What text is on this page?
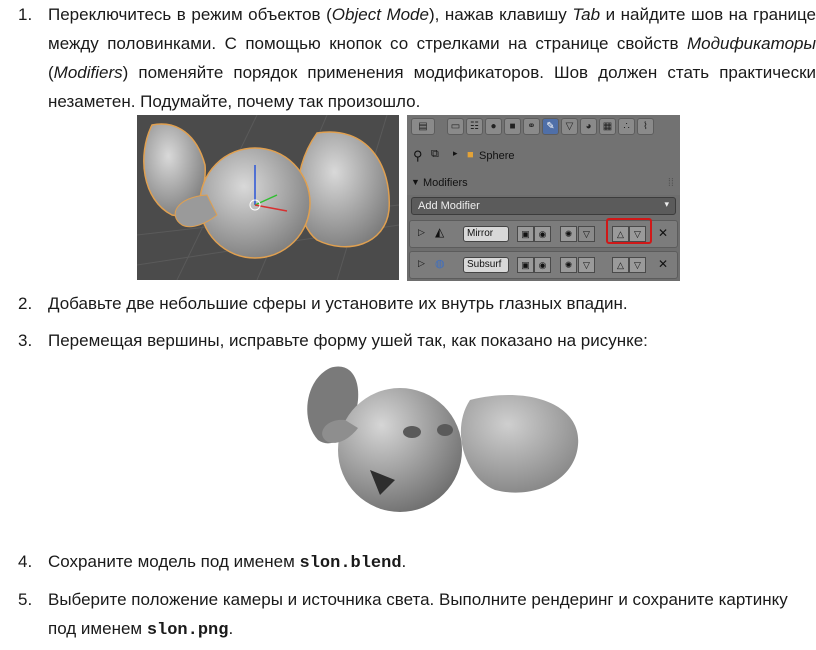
1. Переключитесь в режим объектов (Object Mode), нажав клавишу Tab и найдите шов на границе между половинками. С помощью кнопок со стрелками на странице свойств Модификаторы (Modifiers) поменяйте порядок применения модификаторов. Шов должен стать практически незаметен. Подумайте, почему так произошло.
▤	▭ ☷	●	■	⚭	✎	▽	◕	▦	∴	⌇
⚲ ⧉ ▸ ■ Sphere
▼ Modifiers	⁞⁞
Add Modifier	▾
▷ ◭	Mirror	▣ ◉	✺	▽	△	▽	✕
▷ ◍	Subsurf	▣ ◉	✺	▽	△	▽	✕
2. Добавьте две небольшие сферы и установите их внутрь глазных впадин.
3. Перемещая вершины, исправьте форму ушей так, как показано на рисунке:
4. Сохраните модель под именем slon.blend.
5. Выберите положение камеры и источника света. Выполните рендеринг и сохраните картинку под именем slon.png.
